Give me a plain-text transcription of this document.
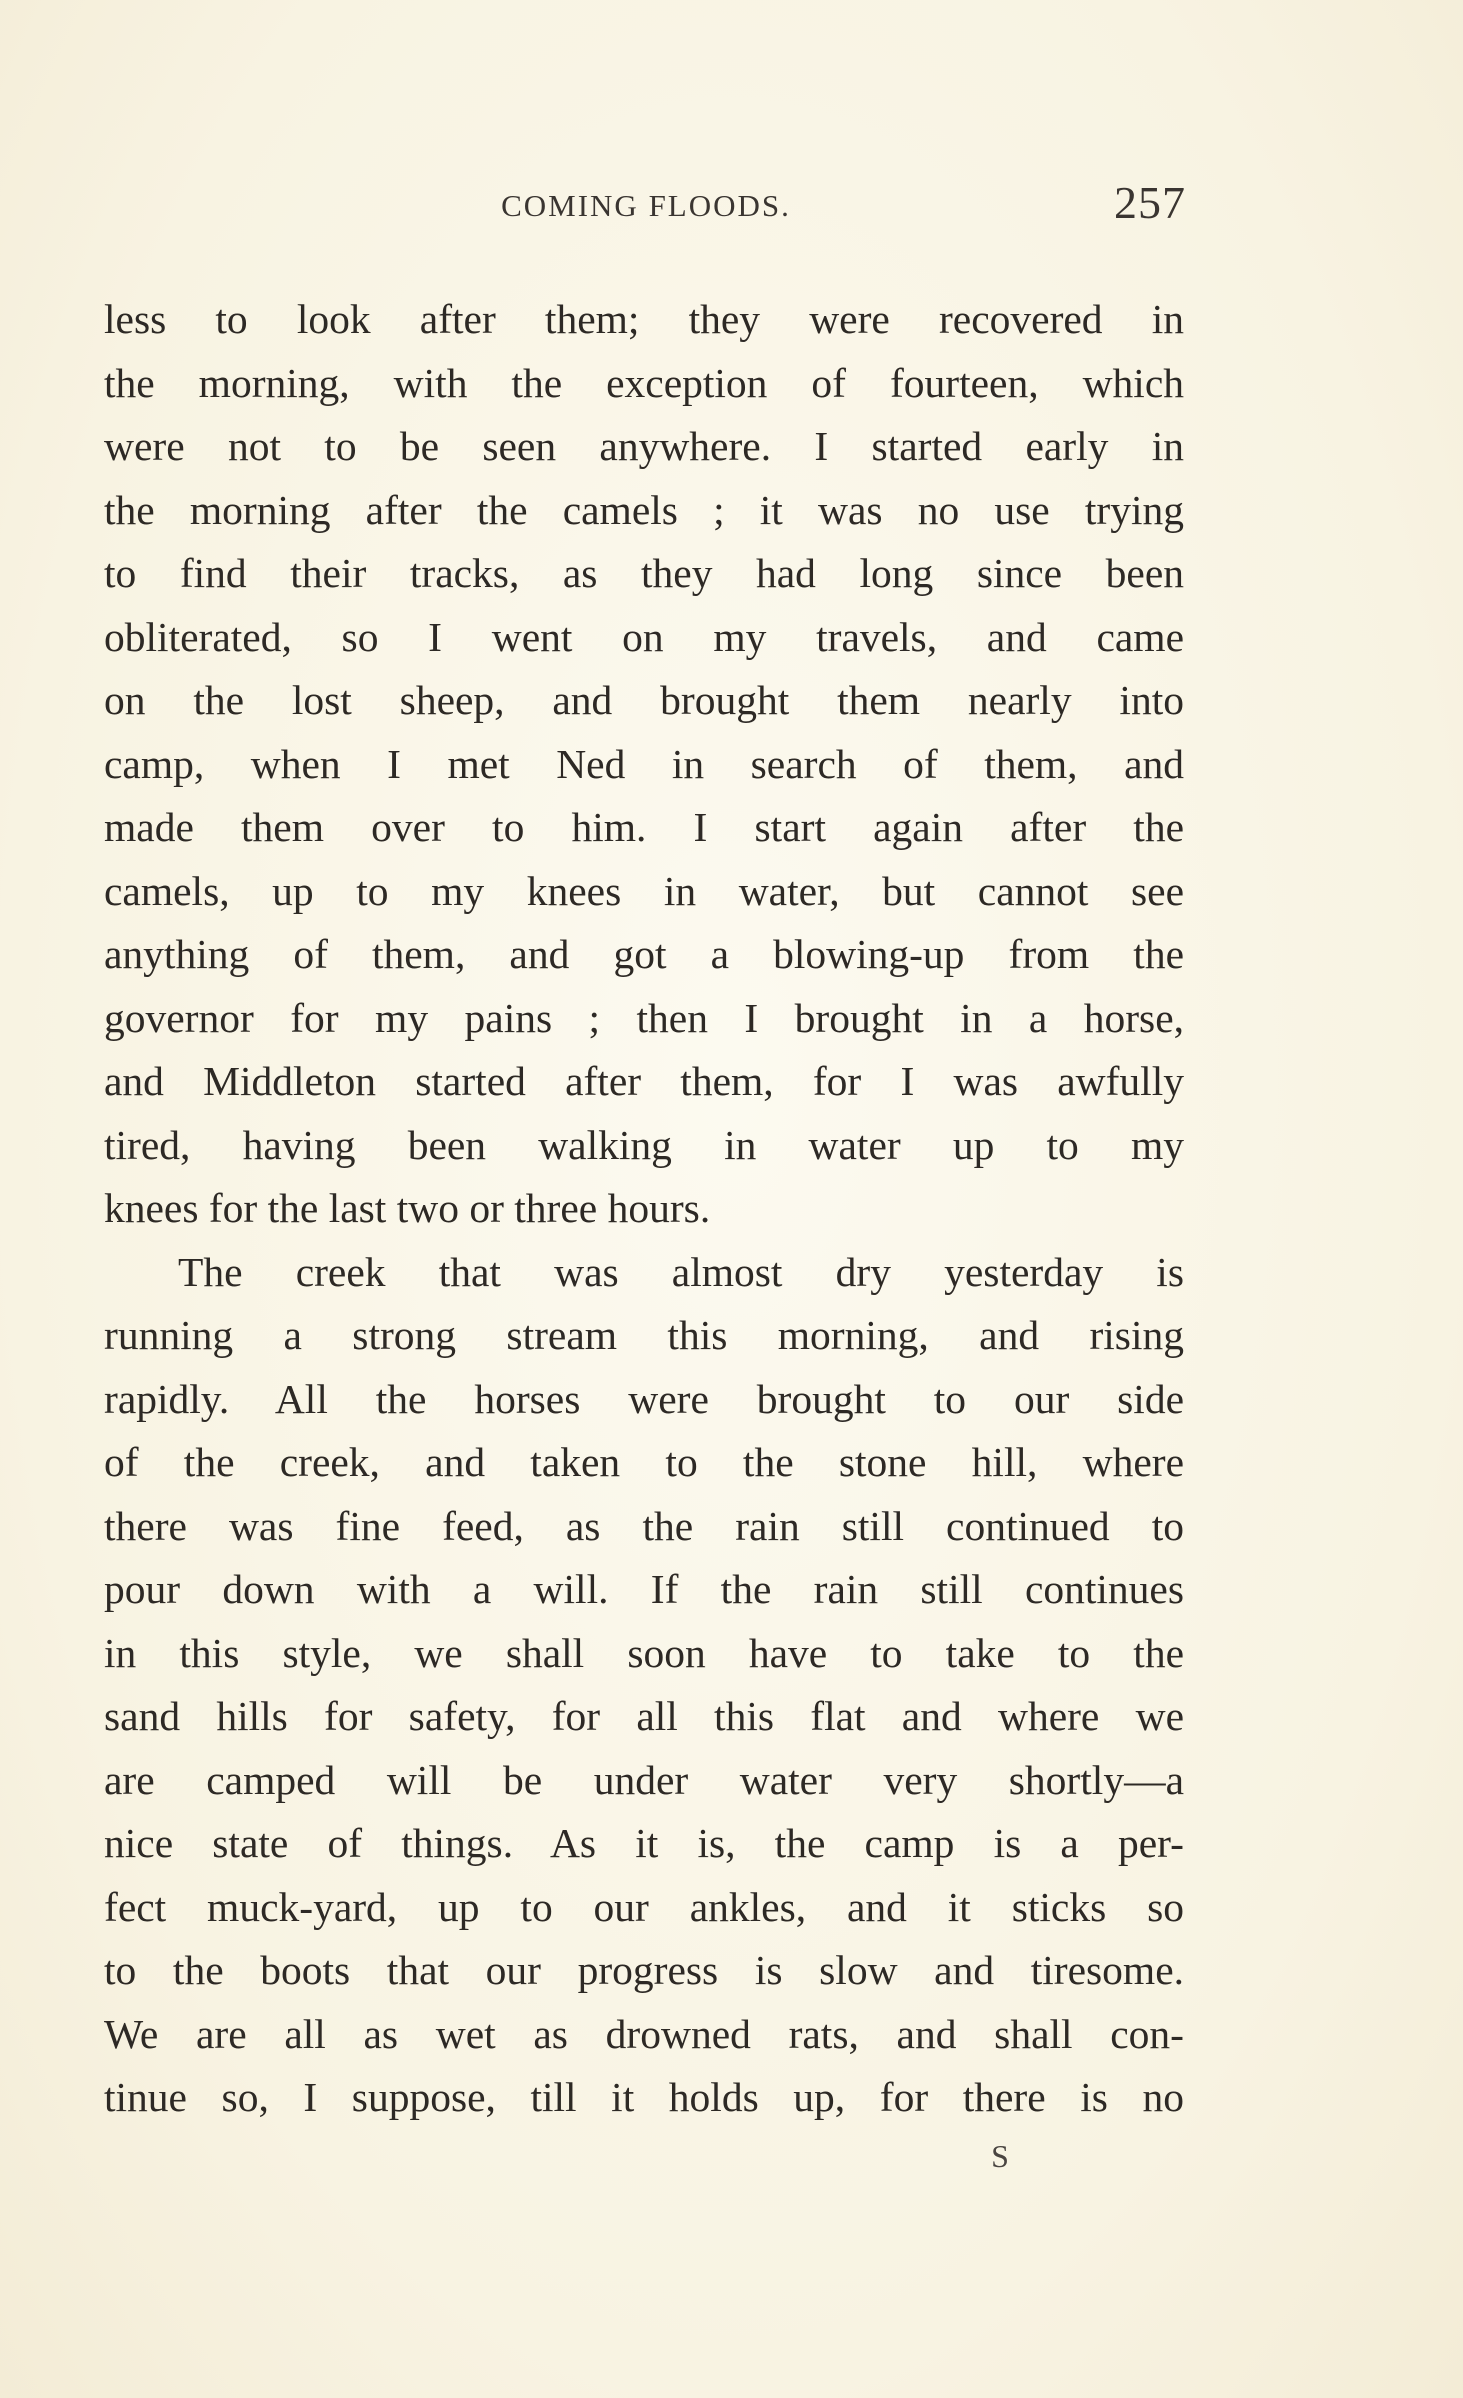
COMING FLOODS.	257
less to look after them; they were recovered in
the morning, with the exception of fourteen, which
were not to be seen anywhere. I started early in
the morning after the camels ; it was no use trying
to find their tracks, as they had long since been
obliterated, so I went on my travels, and came
on the lost sheep, and brought them nearly into
camp, when I met Ned in search of them, and
made them over to him. I start again after the
camels, up to my knees in water, but cannot see
anything of them, and got a blowing-up from the
governor for my pains ; then I brought in a horse,
and Middleton started after them, for I was awfully
tired, having been walking in water up to my
knees for the last two or three hours.
The creek that was almost dry yesterday is
running a strong stream this morning, and rising
rapidly. All the horses were brought to our side
of the creek, and taken to the stone hill, where
there was fine feed, as the rain still continued to
pour down with a will. If the rain still continues
in this style, we shall soon have to take to the
sand hills for safety, for all this flat and where we
are camped will be under water very shortly—a
nice state of things. As it is, the camp is a per-
fect muck-yard, up to our ankles, and it sticks so
to the boots that our progress is slow and tiresome.
We are all as wet as drowned rats, and shall con-
tinue so, I suppose, till it holds up, for there is no
S
